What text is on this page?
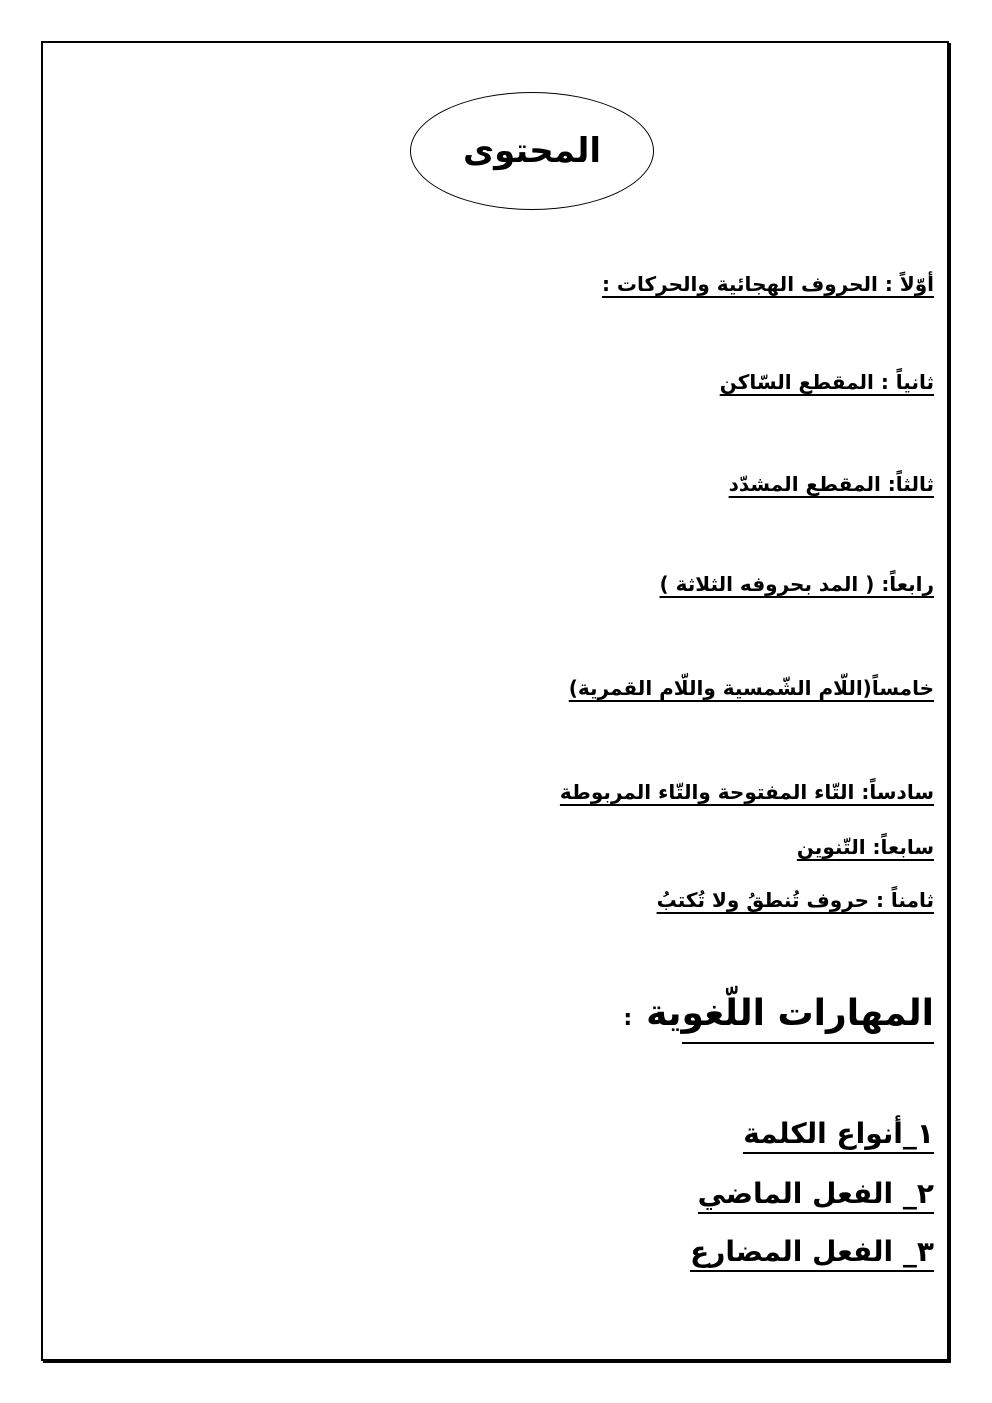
المحتوى
أوّلاً : الحروف الهجائية والحركات :
ثانياً : المقطع السّاكن
ثالثاً: المقطع المشدّد
رابعاً: ( المد بحروفه الثلاثة )
خامساً(اللّام الشّمسية واللّام القمرية)
سادساً: التّاء المفتوحة والتّاء المربوطة
سابعاً: التّنوين
ثامناً : حروف تُنطقُ ولا تُكتبُ
المهارات اللّغوية:
١_أنواع الكلمة
٢_ الفعل الماضي
٣_ الفعل المضارع
